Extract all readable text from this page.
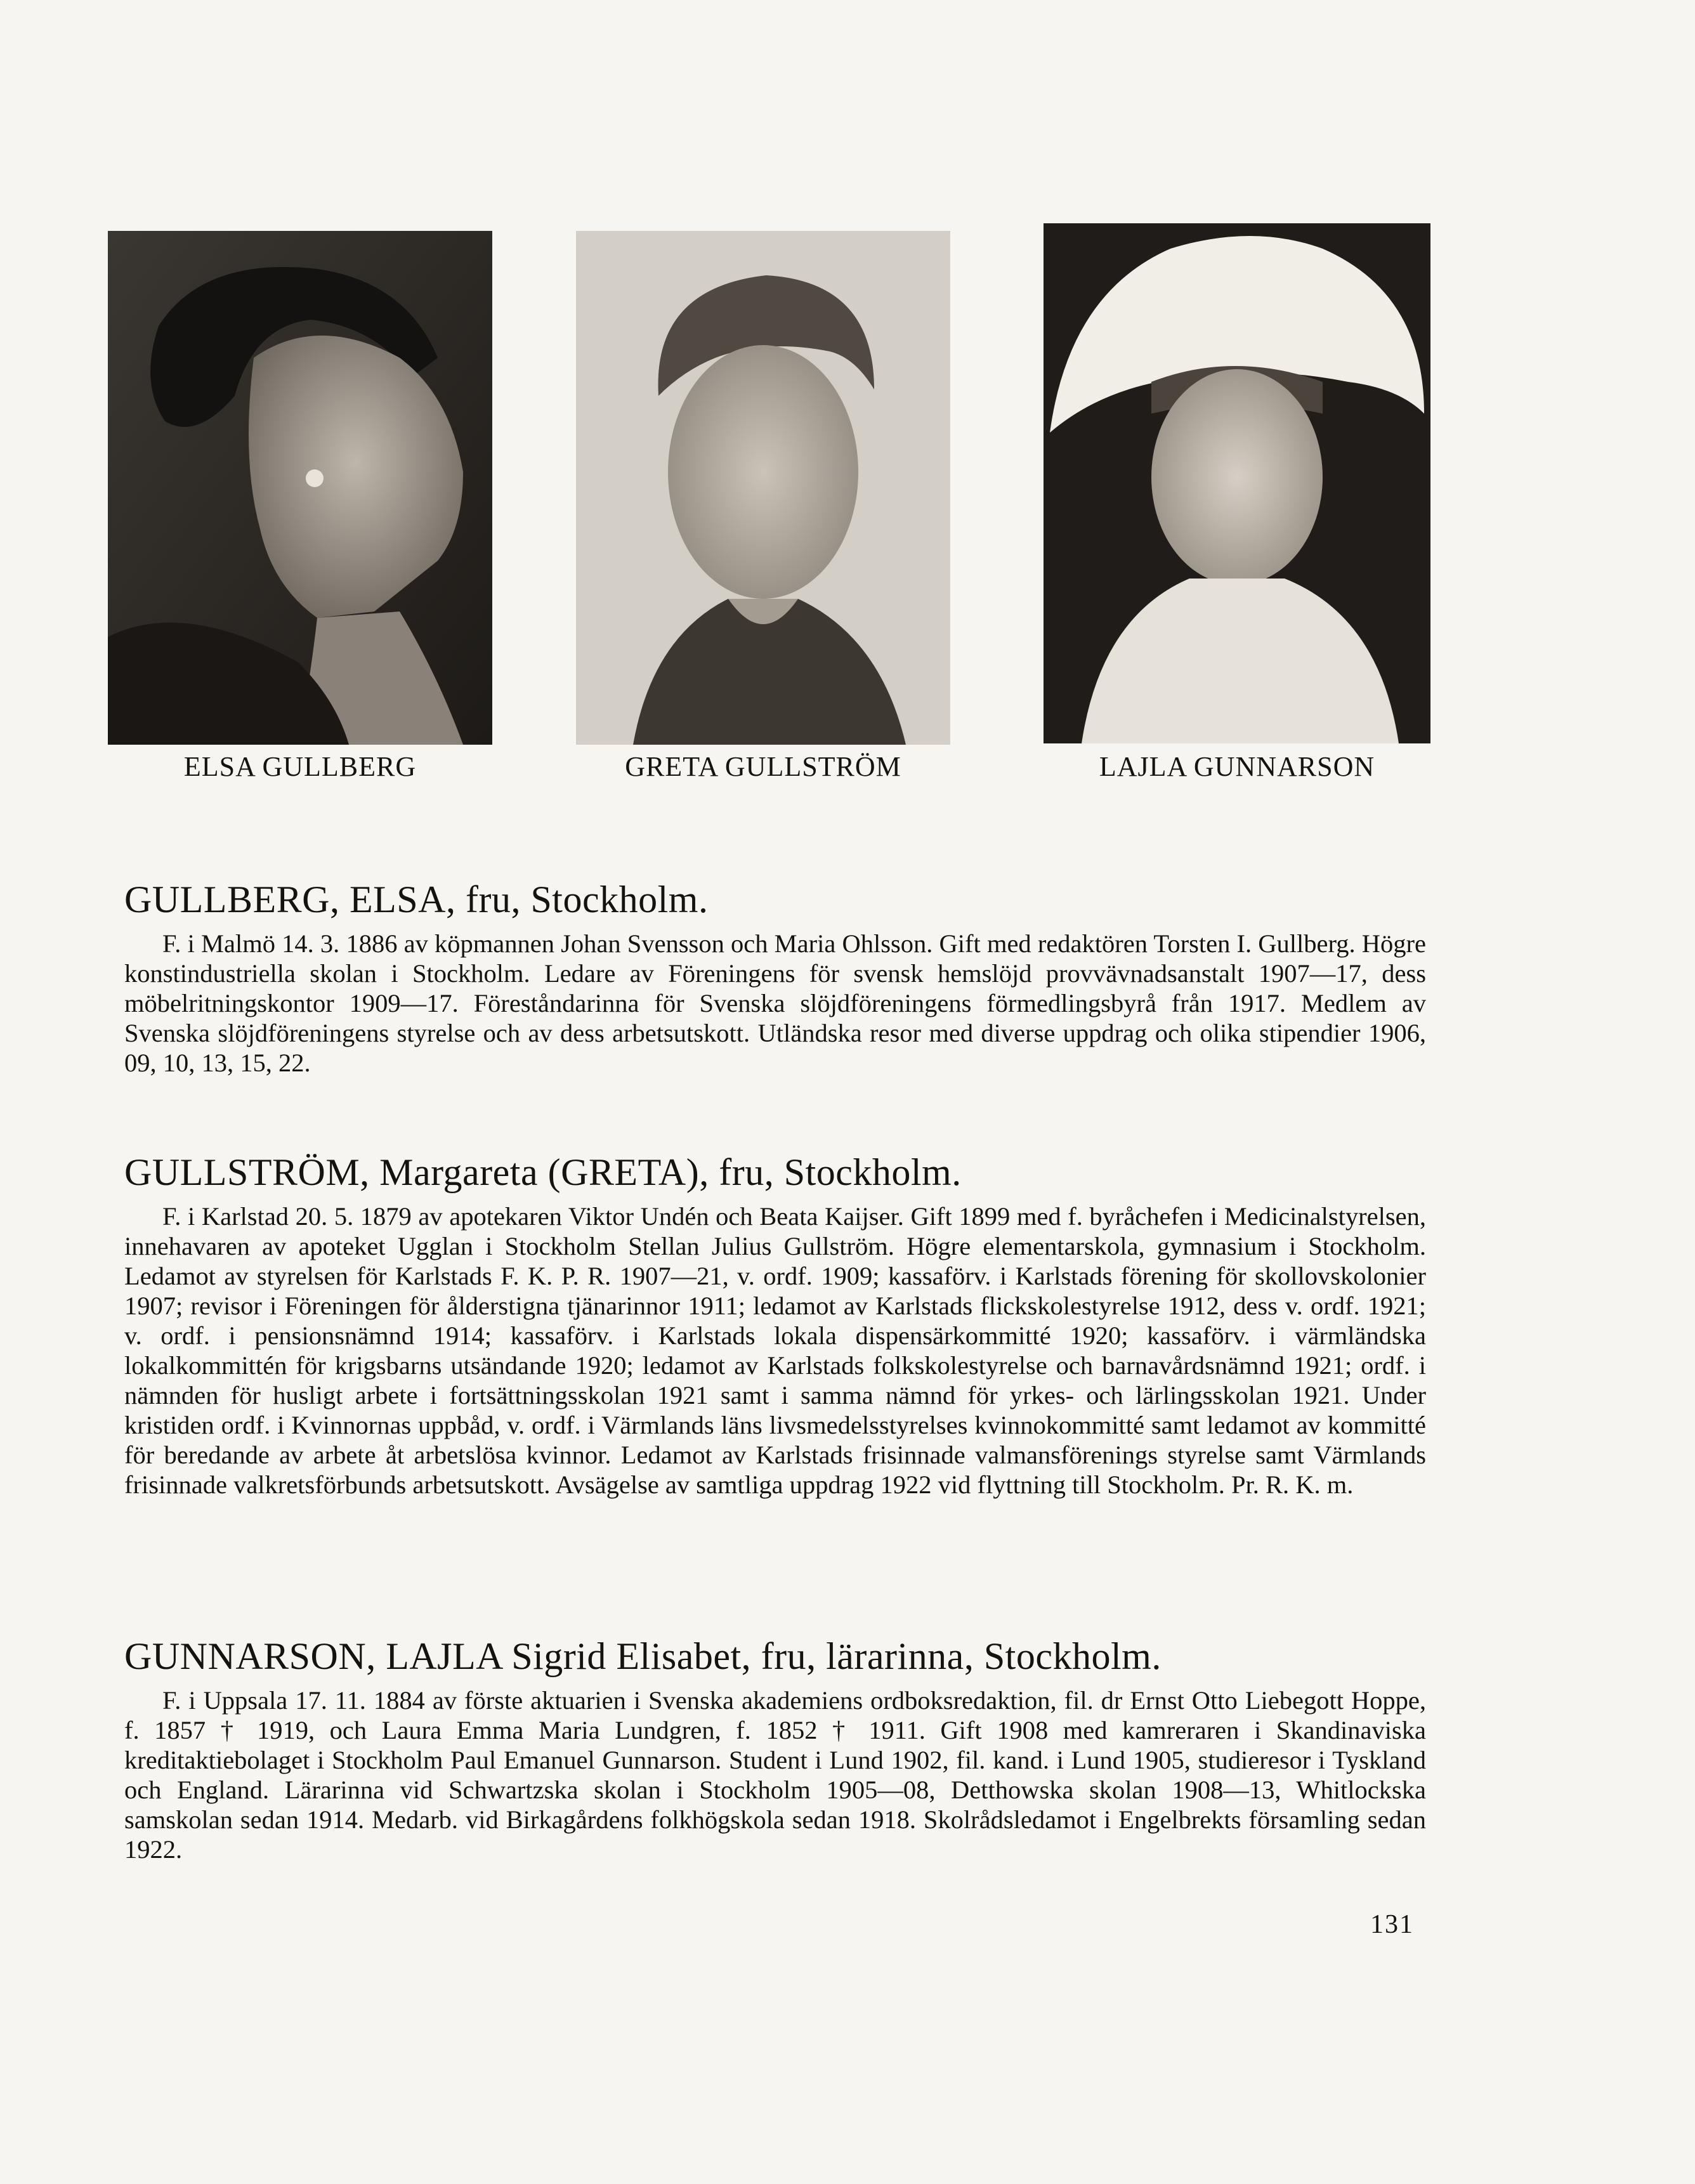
ELSA GULLBERG	GRETA GULLSTRÖM	LAJLA GUNNARSON
GULLBERG, ELSA, fru, Stockholm.

F. i Malmö 14. 3. 1886 av köpmannen Johan Svensson och Maria Ohlsson. Gift med redaktören Torsten I. Gullberg. Högre konstindustriella skolan i Stockholm. Ledare av Föreningens för svensk hemslöjd provvävnadsanstalt 1907—17, dess möbelritningskontor 1909—17. Föreståndarinna för Svenska slöjdföreningens förmedlingsbyrå från 1917. Medlem av Svenska slöjdföreningens styrelse och av dess arbetsutskott. Utländska resor med diverse uppdrag och olika stipendier 1906, 09, 10, 13, 15, 22.

GULLSTRÖM, Margareta (GRETA), fru, Stockholm.

F. i Karlstad 20. 5. 1879 av apotekaren Viktor Undén och Beata Kaijser. Gift 1899 med f. byråchefen i Medicinalstyrelsen, innehavaren av apoteket Ugglan i Stockholm Stellan Julius Gullström. Högre elementarskola, gymnasium i Stockholm. Ledamot av styrelsen för Karlstads F. K. P. R. 1907—21, v. ordf. 1909; kassaförv. i Karlstads förening för skollovskolonier 1907; revisor i Föreningen för ålderstigna tjänarinnor 1911; ledamot av Karlstads flickskolestyrelse 1912, dess v. ordf. 1921; v. ordf. i pensionsnämnd 1914; kassaförv. i Karlstads lokala dispensärkommitté 1920; kassaförv. i värmländska lokalkommittén för krigsbarns utsändande 1920; ledamot av Karlstads folkskolestyrelse och barnavårdsnämnd 1921; ordf. i nämnden för husligt arbete i fortsättningsskolan 1921 samt i samma nämnd för yrkes- och lärlingsskolan 1921. Under kristiden ordf. i Kvinnornas uppbåd, v. ordf. i Värmlands läns livsmedelsstyrelses kvinnokommitté samt ledamot av kommitté för beredande av arbete åt arbetslösa kvinnor. Ledamot av Karlstads frisinnade valmansförenings styrelse samt Värmlands frisinnade valkretsförbunds arbetsutskott. Avsägelse av samtliga uppdrag 1922 vid flyttning till Stockholm. Pr. R. K. m.

GUNNARSON, LAJLA Sigrid Elisabet, fru, lärarinna, Stockholm.

F. i Uppsala 17. 11. 1884 av förste aktuarien i Svenska akademiens ordboksredaktion, fil. dr Ernst Otto Liebegott Hoppe, f. 1857 † 1919, och Laura Emma Maria Lundgren, f. 1852 † 1911. Gift 1908 med kamreraren i Skandinaviska kreditaktiebolaget i Stockholm Paul Emanuel Gunnarson. Student i Lund 1902, fil. kand. i Lund 1905, studieresor i Tyskland och England. Lärarinna vid Schwartzska skolan i Stockholm 1905—08, Detthowska skolan 1908—13, Whitlockska samskolan sedan 1914. Medarb. vid Birkagårdens folkhögskola sedan 1918. Skolrådsledamot i Engelbrekts församling sedan 1922.

131
